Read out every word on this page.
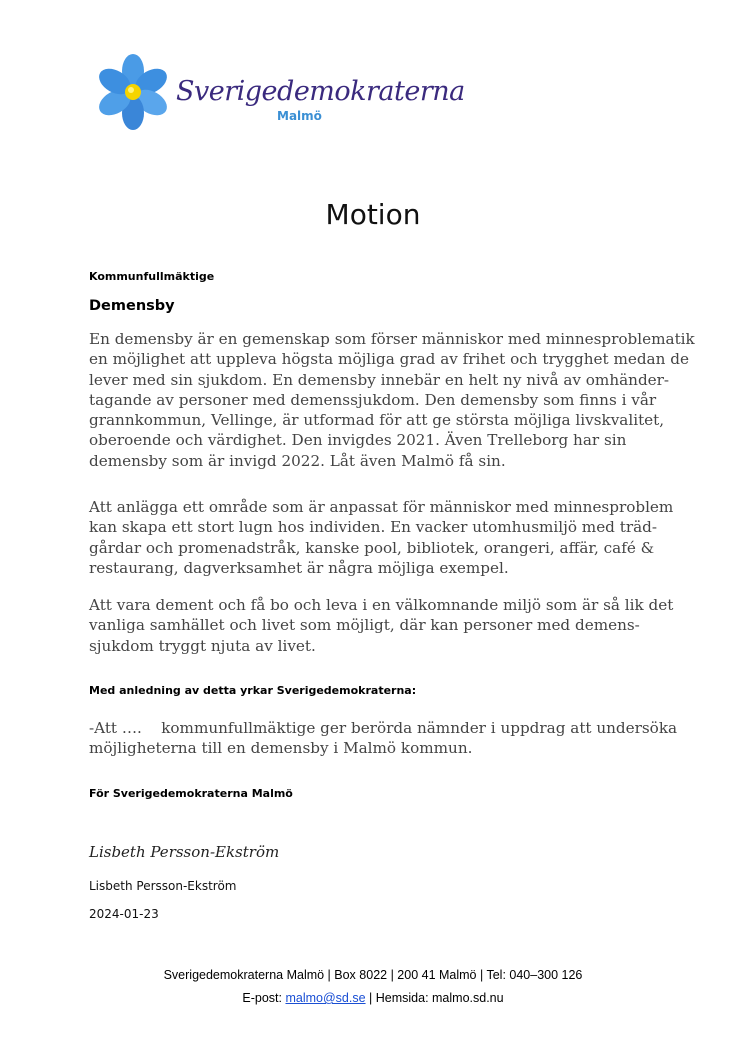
Sverigedemokraterna
Malmö
Motion
Kommunfullmäktige
Demensby
En demensby är en gemenskap som förser människor med minnesproblematik
en möjlighet att uppleva högsta möjliga grad av frihet och trygghet medan de
lever med sin sjukdom. En demensby innebär en helt ny nivå av omhänder-
tagande av personer med demenssjukdom. Den demensby som finns i vår
grannkommun, Vellinge, är utformad för att ge största möjliga livskvalitet,
oberoende och värdighet. Den invigdes 2021. Även Trelleborg har sin
demensby som är invigd 2022. Låt även Malmö få sin.
Att anlägga ett område som är anpassat för människor med minnesproblem
kan skapa ett stort lugn hos individen. En vacker utomhusmiljö med träd-
gårdar och promenadstråk, kanske pool, bibliotek, orangeri, affär, café &
restaurang, dagverksamhet är några möjliga exempel.
Att vara dement och få bo och leva i en välkomnande miljö som är så lik det
vanliga samhället och livet som möjligt, där kan personer med demens-
sjukdom tryggt njuta av livet.
Med anledning av detta yrkar Sverigedemokraterna:
-Att ….    kommunfullmäktige ger berörda nämnder i uppdrag att undersöka
möjligheterna till en demensby i Malmö kommun.
För Sverigedemokraterna Malmö
Lisbeth Persson-Ekström
Lisbeth Persson-Ekström
2024-01-23
Sverigedemokraterna Malmö | Box 8022 | 200 41 Malmö | Tel: 040–300 126
E-post: malmo@sd.se | Hemsida: malmo.sd.nu
